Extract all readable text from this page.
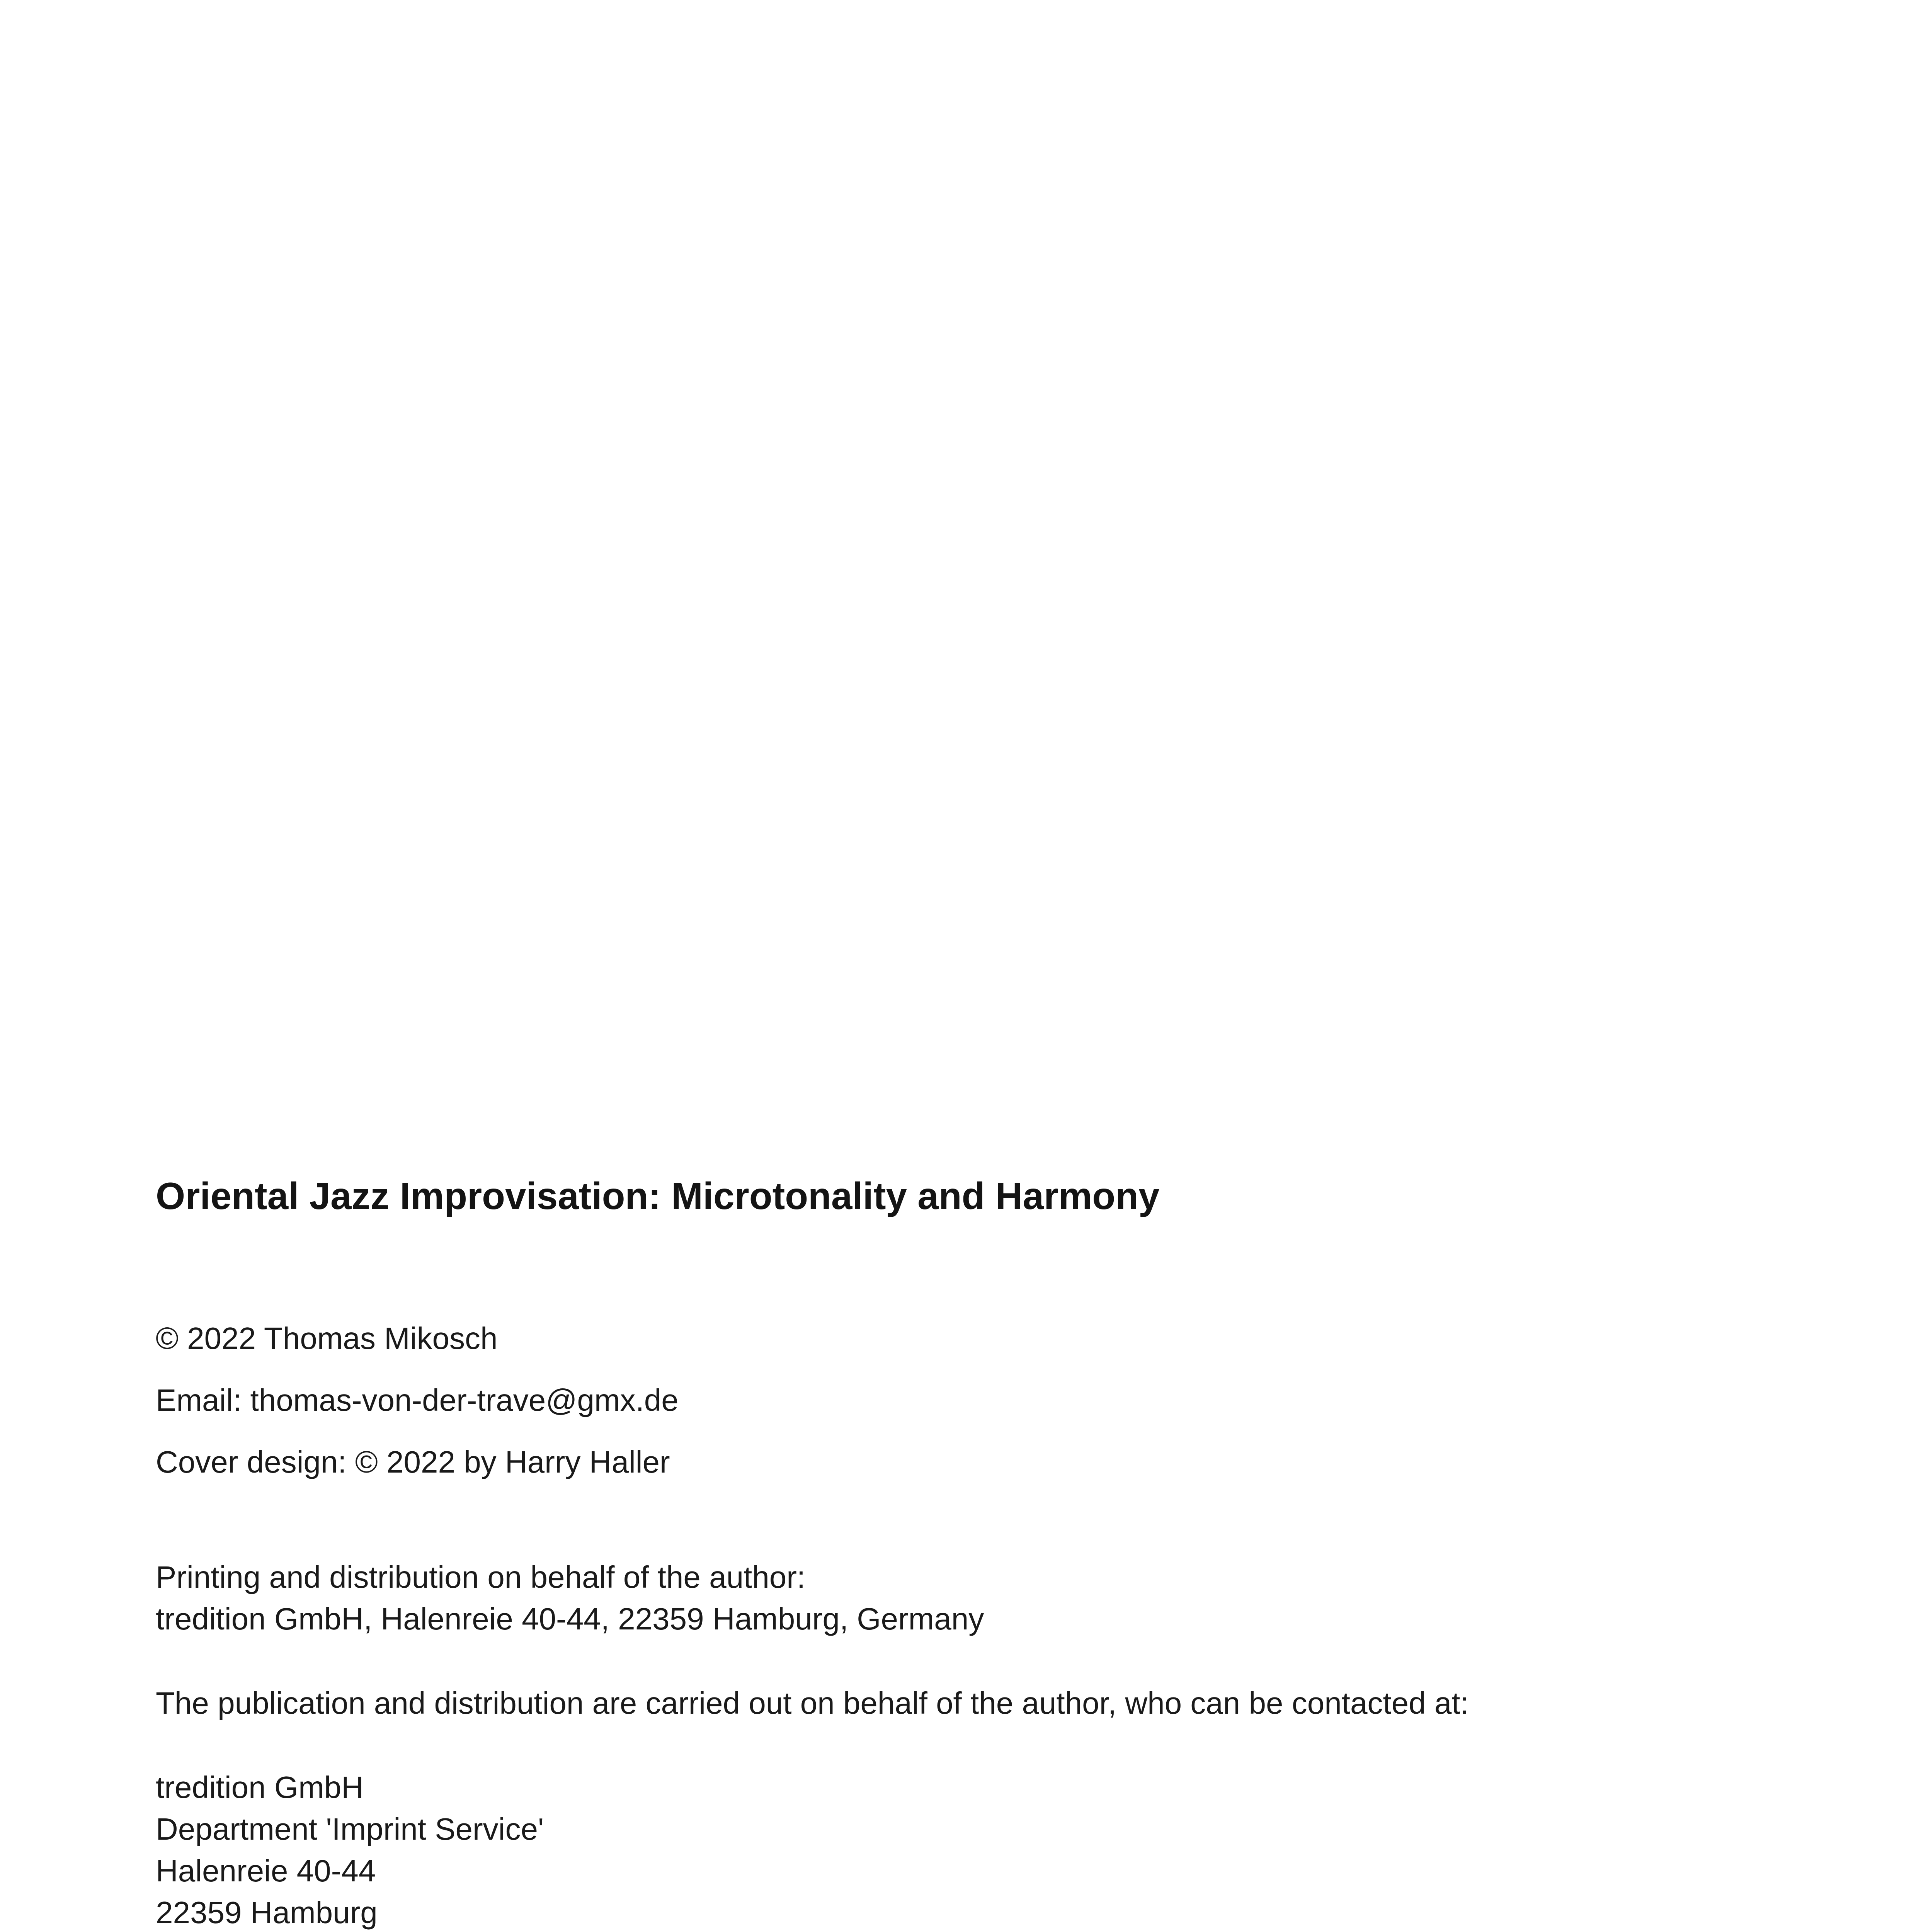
Oriental Jazz Improvisation: Microtonality and Harmony

© 2022 Thomas Mikosch

Email: thomas-von-der-trave@gmx.de

Cover design: © 2022 by Harry Haller

Printing and distribution on behalf of the author:
tredition GmbH, Halenreie 40-44, 22359 Hamburg, Germany

The publication and distribution are carried out on behalf of the author, who can be contacted at:

tredition GmbH
Department 'Imprint Service'
Halenreie 40-44
22359 Hamburg
